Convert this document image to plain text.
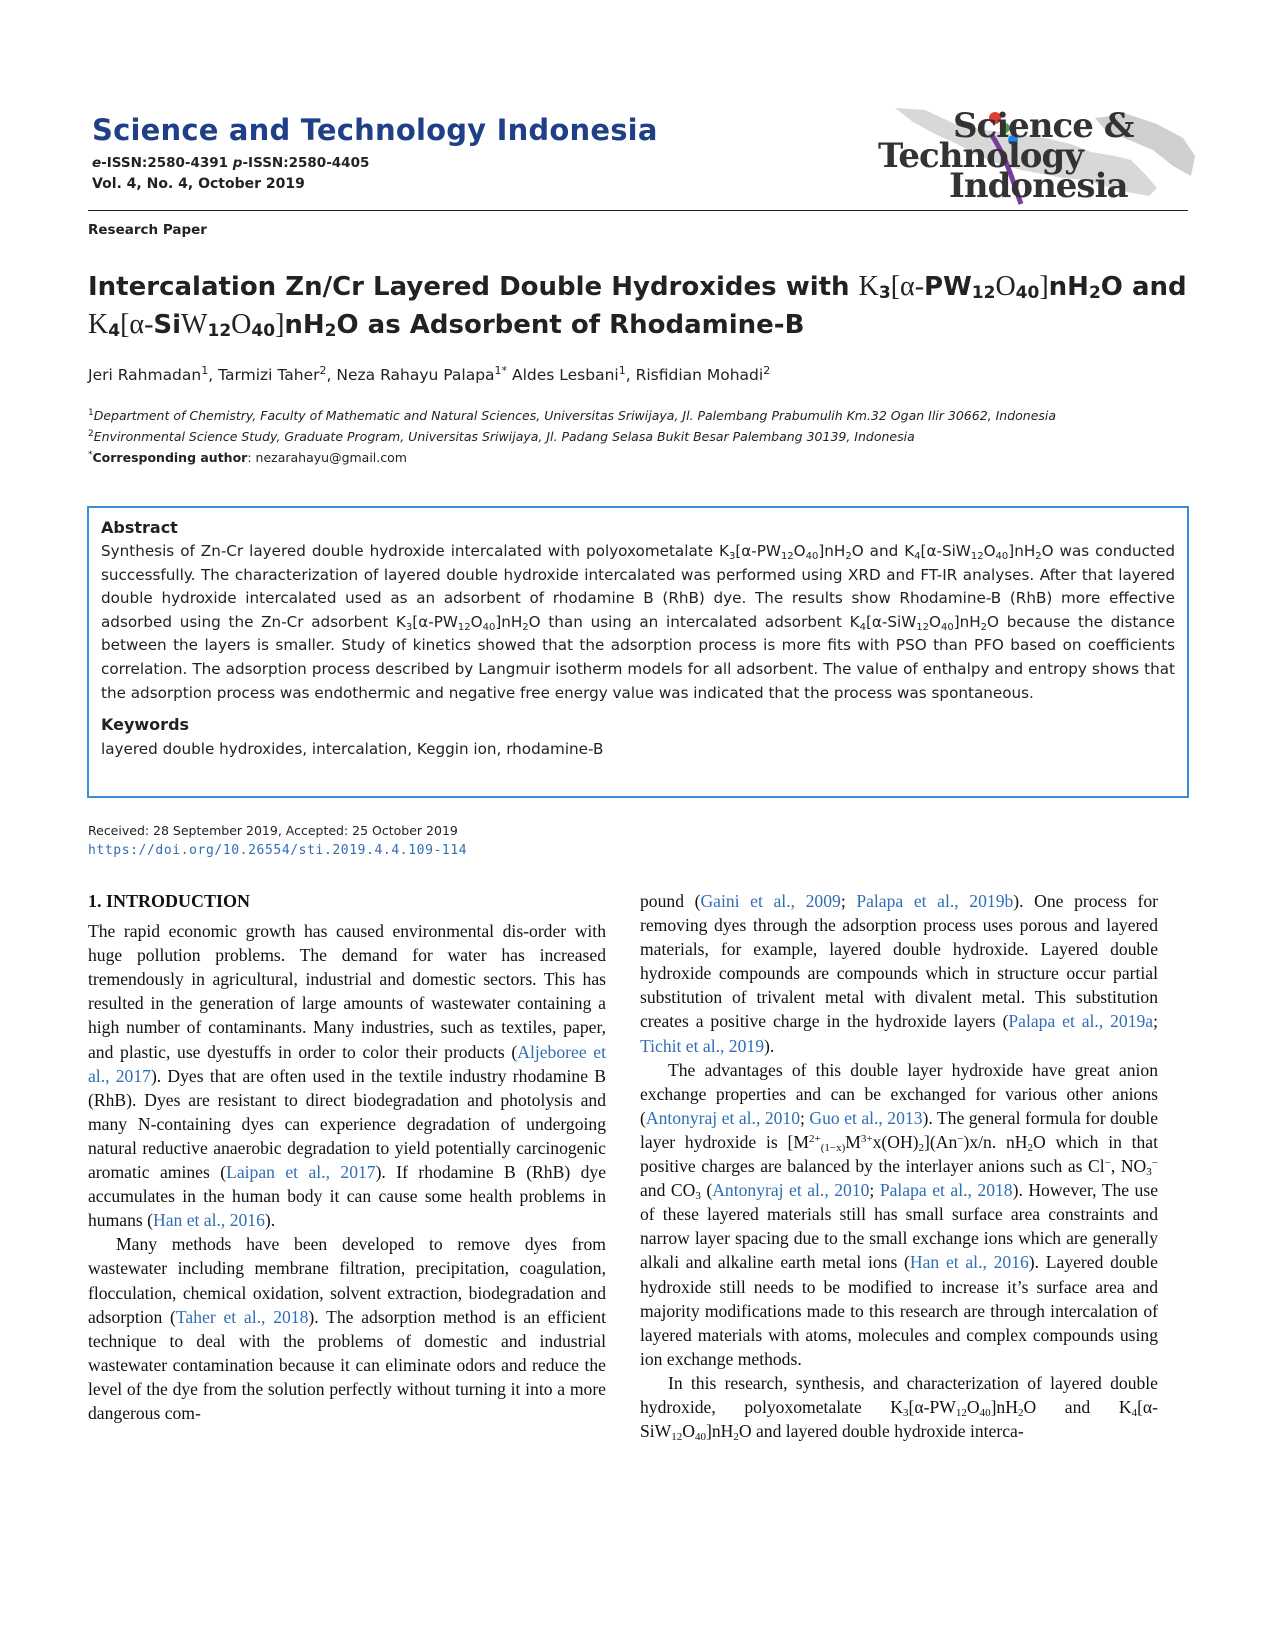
Science and Technology Indonesia
e-ISSN:2580-4391 p-ISSN:2580-4405
Vol. 4, No. 4, October 2019
Science &
Technology
Indonesia
Research Paper
Intercalation Zn/Cr Layered Double Hydroxides with $K_3[\alpha-PW_{12}O_{40}]nH_2O$ and
$K_4[\alpha-SiW_{12}O_{40}]nH_2O$ as Adsorbent of Rhodamine-B
Jeri Rahmadan$^1$, Tarmizi Taher$^2$, Neza Rahayu Palapa$^{1*}$ Aldes Lesbani$^1$, Risfidian Mohadi$^2$
$^1$Department of Chemistry, Faculty of Mathematic and Natural Sciences, Universitas Sriwijaya, Jl. Palembang Prabumulih Km.32 Ogan Ilir 30662, Indonesia
$^2$Environmental Science Study, Graduate Program, Universitas Sriwijaya, Jl. Padang Selasa Bukit Besar Palembang 30139, Indonesia
*Corresponding author: nezarahayu@gmail.com
Abstract
Synthesis of Zn-Cr layered double hydroxide intercalated with polyoxometalate $K_3[\alpha-PW_{12}O_{40}]nH_2O$ and $K_4[\alpha-SiW_{12}O_{40}]nH_2O$ was conducted successfully. The characterization of layered double hydroxide intercalated was performed using XRD and FT-IR analyses. After that layered double hydroxide intercalated used as an adsorbent of rhodamine B (RhB) dye. The results show Rhodamine-B (RhB) more effective adsorbed using the Zn-Cr adsorbent $K_3[\alpha-PW_{12}O_{40}]nH_2O$ than using an intercalated adsorbent $K_4[\alpha-SiW_{12}O_{40}]nH_2O$ because the distance between the layers is smaller. Study of kinetics showed that the adsorption process is more fits with PSO than PFO based on coefficients correlation. The adsorption process described by Langmuir isotherm models for all adsorbent. The value of enthalpy and entropy shows that the adsorption process was endothermic and negative free energy value was indicated that the process was spontaneous.
Keywords
layered double hydroxides, intercalation, Keggin ion, rhodamine-B
Received: 28 September 2019, Accepted: 25 October 2019
https://doi.org/10.26554/sti.2019.4.4.109-114
1. INTRODUCTION

The rapid economic growth has caused environmental dis-order with huge pollution problems. The demand for water has increased tremendously in agricultural, industrial and domestic sectors. This has resulted in the generation of large amounts of wastewater containing a high number of contaminants. Many industries, such as textiles, paper, and plastic, use dyestuffs in order to color their products (Aljeboree et al., 2017). Dyes that are often used in the textile industry rhodamine B (RhB). Dyes are resistant to direct biodegradation and photolysis and many N-containing dyes can experience degradation of undergoing natural reductive anaerobic degradation to yield potentially carcinogenic aromatic amines (Laipan et al., 2017). If rhodamine B (RhB) dye accumulates in the human body it can cause some health problems in humans (Han et al., 2016).

Many methods have been developed to remove dyes from wastewater including membrane filtration, precipitation, coagulation, flocculation, chemical oxidation, solvent extraction, biodegradation and adsorption (Taher et al., 2018). The adsorption method is an efficient technique to deal with the problems of domestic and industrial wastewater contamination because it can eliminate odors and reduce the level of the dye from the solution perfectly without turning it into a more dangerous com-

pound (Gaini et al., 2009; Palapa et al., 2019b). One process for removing dyes through the adsorption process uses porous and layered materials, for example, layered double hydroxide. Layered double hydroxide compounds are compounds which in structure occur partial substitution of trivalent metal with divalent metal. This substitution creates a positive charge in the hydroxide layers (Palapa et al., 2019a; Tichit et al., 2019).

The advantages of this double layer hydroxide have great anion exchange properties and can be exchanged for various other anions (Antonyraj et al., 2010; Guo et al., 2013). The general formula for double layer hydroxide is $[M^{2+}_{(1-x)}M^{3+}x(OH)_2](An^-)x/n$. $nH_2O$ which in that positive charges are balanced by the interlayer anions such as Cl−, $NO_3^-$ and $CO_3$ (Antonyraj et al., 2010; Palapa et al., 2018). However, The use of these layered materials still has small surface area constraints and narrow layer spacing due to the small exchange ions which are generally alkali and alkaline earth metal ions (Han et al., 2016). Layered double hydroxide still needs to be modified to increase it’s surface area and majority modifications made to this research are through intercalation of layered materials with atoms, molecules and complex compounds using ion exchange methods.

In this research, synthesis, and characterization of layered double hydroxide, polyoxometalate $K_3[\alpha-PW_{12}O_{40}]nH_2O$ and $K_4[\alpha-SiW_{12}O_{40}]nH_2O$ and layered double hydroxide interca-
